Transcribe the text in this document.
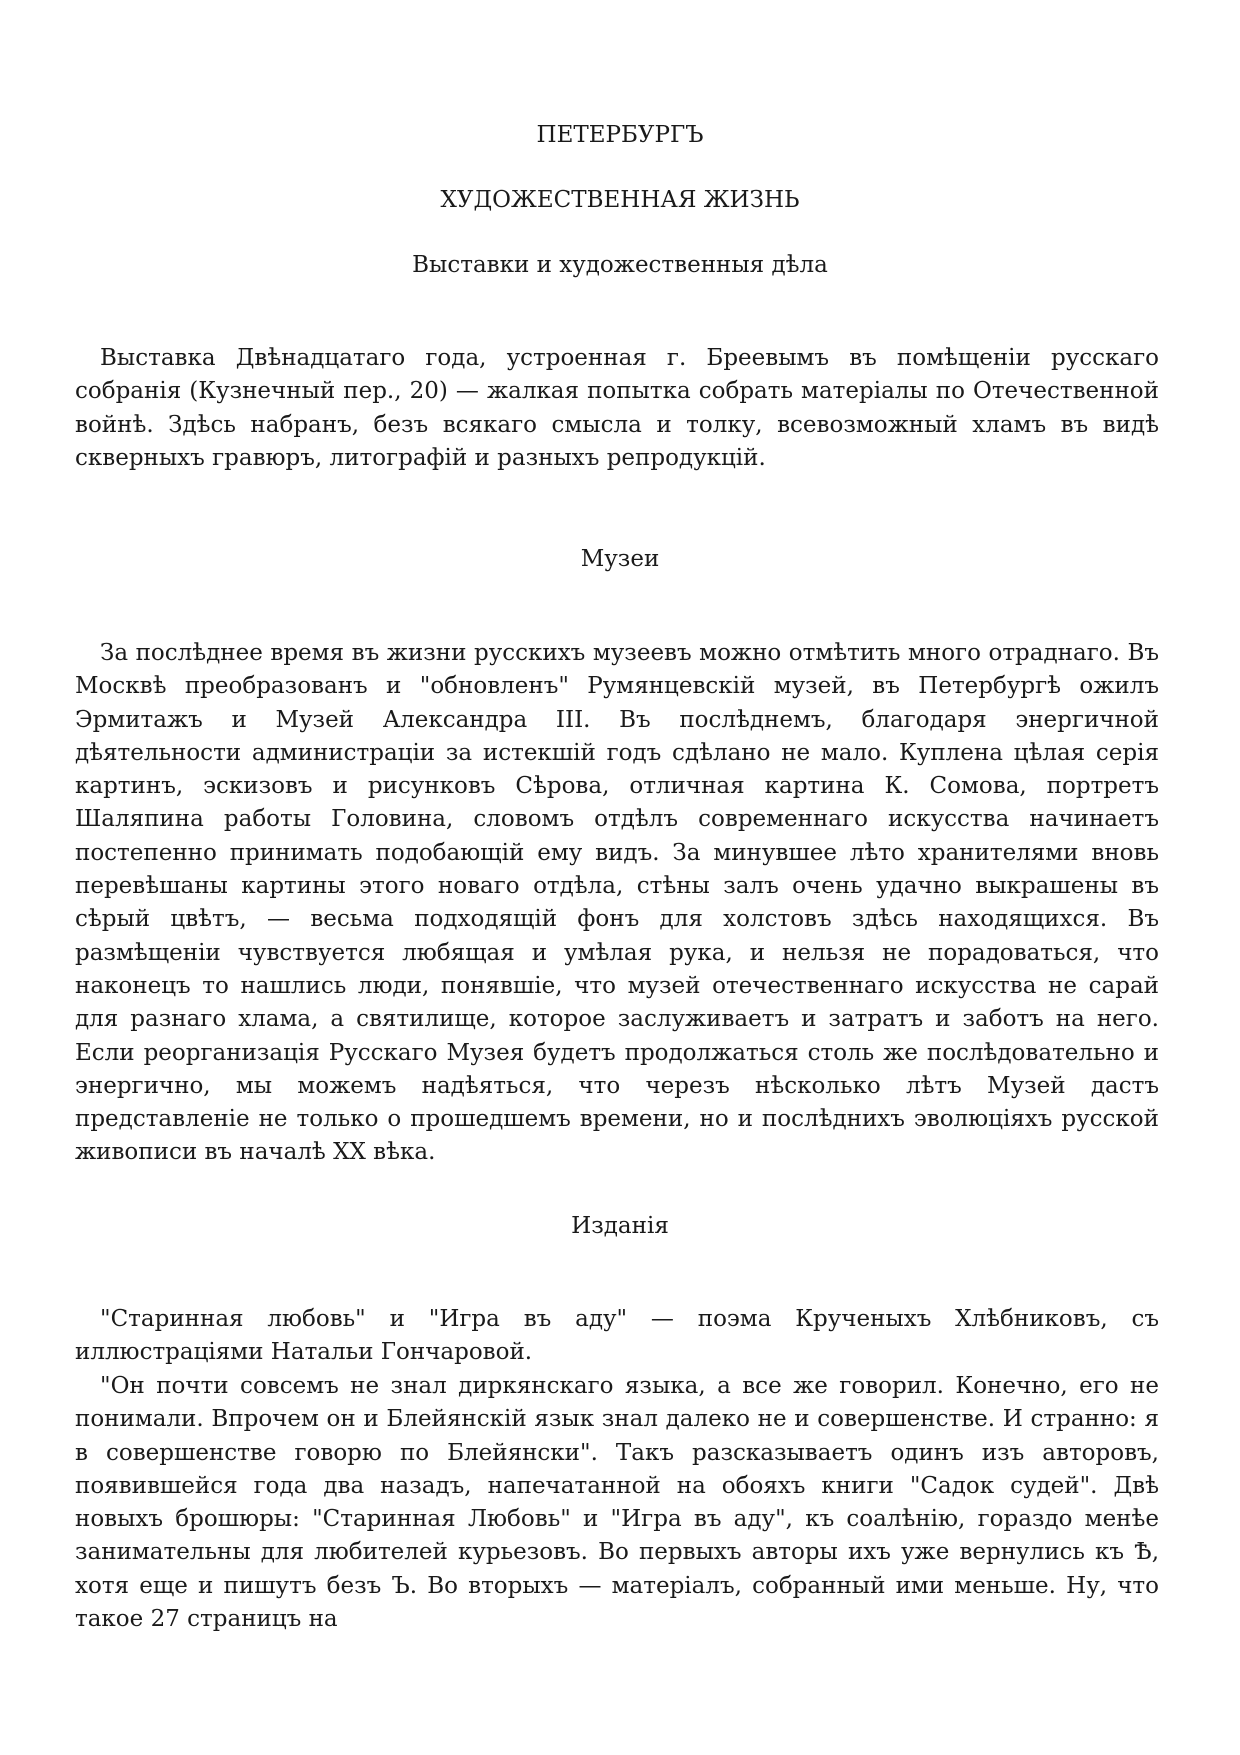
ПЕТЕРБУРГЪ
ХУДОЖЕСТВЕННАЯ ЖИЗНЬ
Выставки и художественныя дѣла

Выставка Двѣнадцатаго года, устроенная г. Бреевымъ въ помѣщенiи русскаго собранiя (Кузнечный пер., 20) — жалкая попытка собрать матерiалы по Отечественной войнѣ. Здѣсь набранъ, безъ всякаго смысла и толку, всевозможный хламъ въ видѣ скверныхъ гравюръ, литографiй и разныхъ репродукцiй.

Музеи

За послѣднее время въ жизни русскихъ музеевъ можно отмѣтить много отраднаго. Въ Москвѣ преобразованъ и "обновленъ" Румянцевскiй музей, въ Петербургѣ ожилъ Эрмитажъ и Музей Александра III. Въ послѣднемъ, благодаря энергичной дѣятельности администрацiи за истекшiй годъ сдѣлано не мало. Куплена цѣлая серiя картинъ, эскизовъ и рисунковъ Сѣрова, отличная картина К. Сомова, портретъ Шаляпина работы Головина, словомъ отдѣлъ современнаго искусства начинаетъ постепенно принимать подобающiй ему видъ. За минувшее лѣто хранителями вновь перевѣшаны картины этого новаго отдѣла, стѣны залъ очень удачно выкрашены въ сѣрый цвѣтъ, — весьма подходящiй фонъ для холстовъ здѣсь находящихся. Въ размѣщенiи чувствуется любящая и умѣлая рука, и нельзя не порадоваться, что наконецъ то нашлись люди, понявшiе, что музей отечественнаго искусства не сарай для разнаго хлама, а святилище, которое заслуживаетъ и затратъ и заботъ на него. Если реорганизацiя Русскаго Музея будетъ продолжаться столь же послѣдовательно и энергично, мы можемъ надѣяться, что черезъ нѣсколько лѣтъ Музей дастъ представленiе не только о прошедшемъ времени, но и послѣднихъ эволюцiяхъ русской живописи въ началѣ XX вѣка.

Изданiя

"Старинная любовь" и "Игра въ аду" — поэма Крученыхъ Хлѣбниковъ, съ иллюстрацiями Натальи Гончаровой.

"Он почти совсемъ не знал диркянскаго языка, а все же говорил. Конечно, его не понимали. Впрочем он и Блейянскiй язык знал далеко не и совершенстве. И странно: я в совершенстве говорю по Блейянски". Такъ разсказываетъ одинъ изъ авторовъ, появившейся года два назадъ, напечатанной на обояхъ книги "Садок судей". Двѣ новыхъ брошюры: "Старинная Любовь" и "Игра въ аду", къ соалѣнiю, гораздо менѣе занимательны для любителей курьезовъ. Во первыхъ авторы ихъ уже вернулись къ Ѣ, хотя еще и пишутъ безъ Ъ. Во вторыхъ — матерiалъ, собранный ими меньше. Ну, что такое 27 страницъ на
